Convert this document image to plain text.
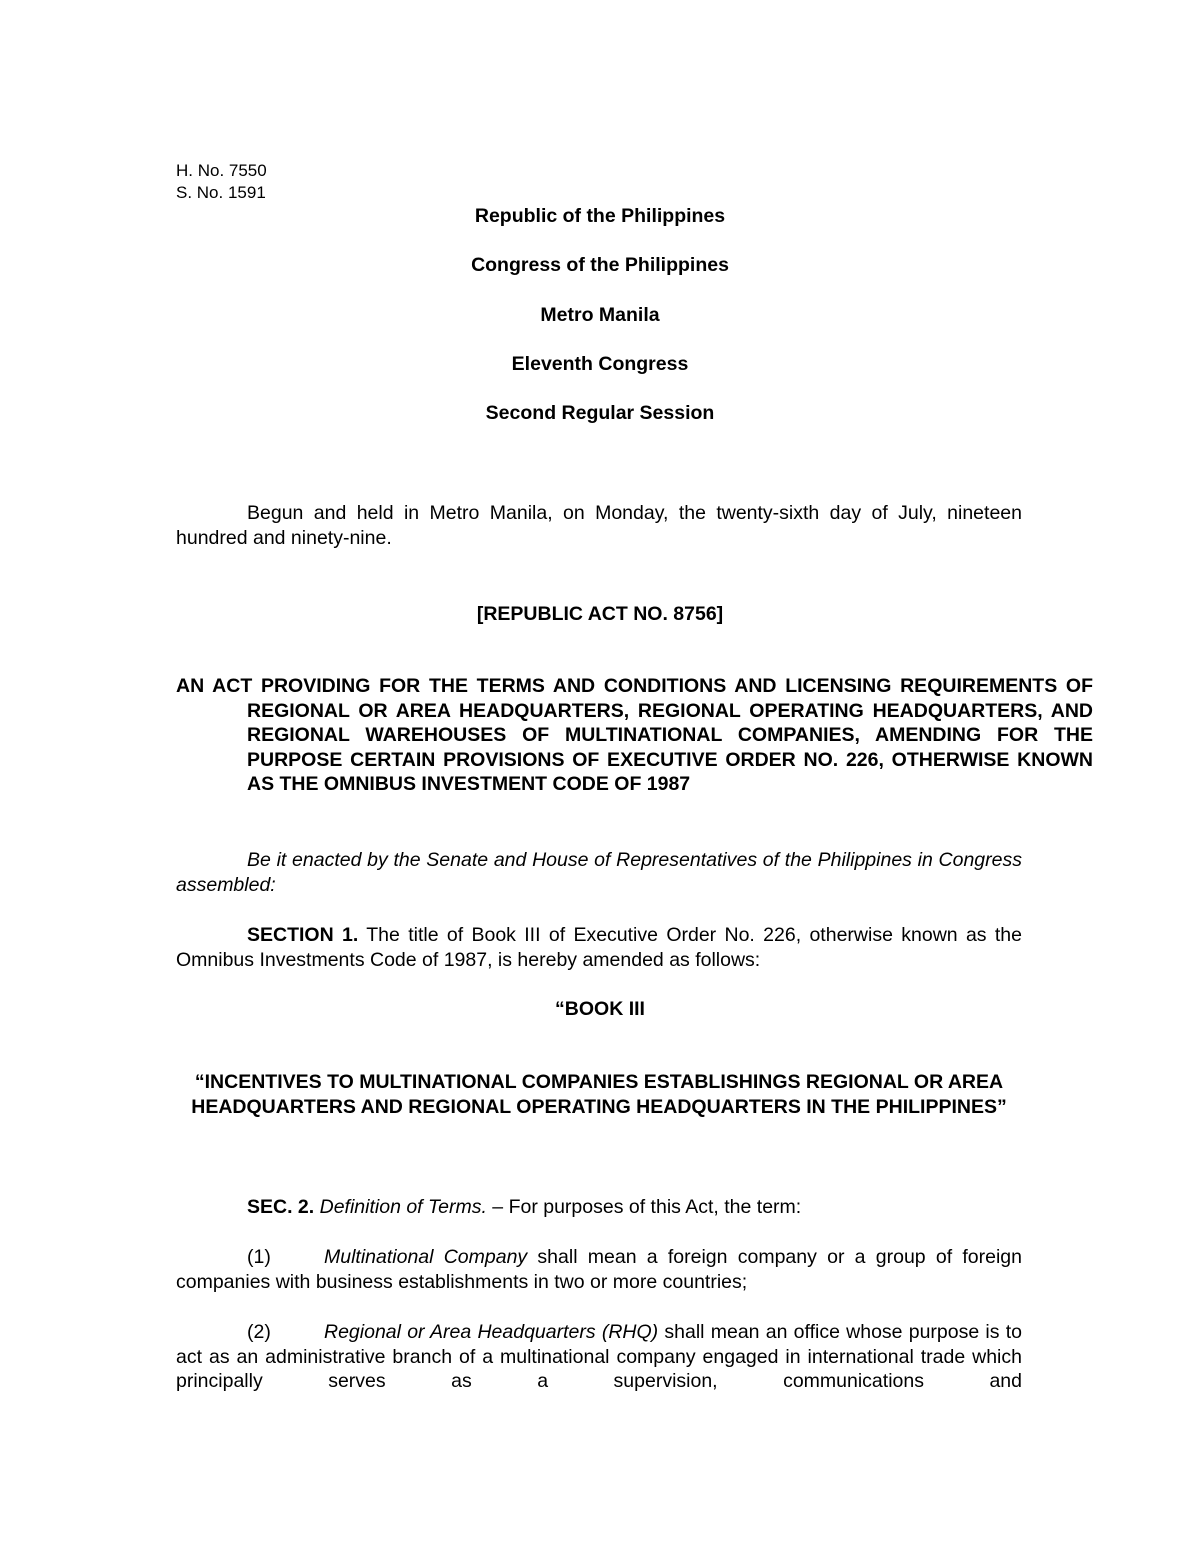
H. No. 7550
S. No. 1591
Republic of the Philippines
Congress of the Philippines
Metro Manila
Eleventh Congress
Second Regular Session
Begun and held in Metro Manila, on Monday, the twenty-sixth day of July, nineteen hundred and ninety-nine.
[REPUBLIC ACT NO. 8756]
AN ACT PROVIDING FOR THE TERMS AND CONDITIONS AND LICENSING REQUIREMENTS OF REGIONAL OR AREA HEADQUARTERS, REGIONAL OPERATING HEADQUARTERS, AND REGIONAL WAREHOUSES OF MULTINATIONAL COMPANIES, AMENDING FOR THE PURPOSE CERTAIN PROVISIONS OF EXECUTIVE ORDER NO. 226, OTHERWISE KNOWN AS THE OMNIBUS INVESTMENT CODE OF 1987
Be it enacted by the Senate and House of Representatives of the Philippines in Congress assembled:
SECTION 1. The title of Book III of Executive Order No. 226, otherwise known as the Omnibus Investments Code of 1987, is hereby amended as follows:
“BOOK III
“INCENTIVES TO MULTINATIONAL COMPANIES ESTABLISHINGS REGIONAL OR AREA HEADQUARTERS AND REGIONAL OPERATING HEADQUARTERS IN THE PHILIPPINES”
SEC. 2. Definition of Terms. – For purposes of this Act, the term:
(1)	Multinational Company shall mean a foreign company or a group of foreign companies with business establishments in two or more countries;
(2)	Regional or Area Headquarters (RHQ) shall mean an office whose purpose is to act as an administrative branch of a multinational company engaged in international trade which principally serves as a supervision, communications and
